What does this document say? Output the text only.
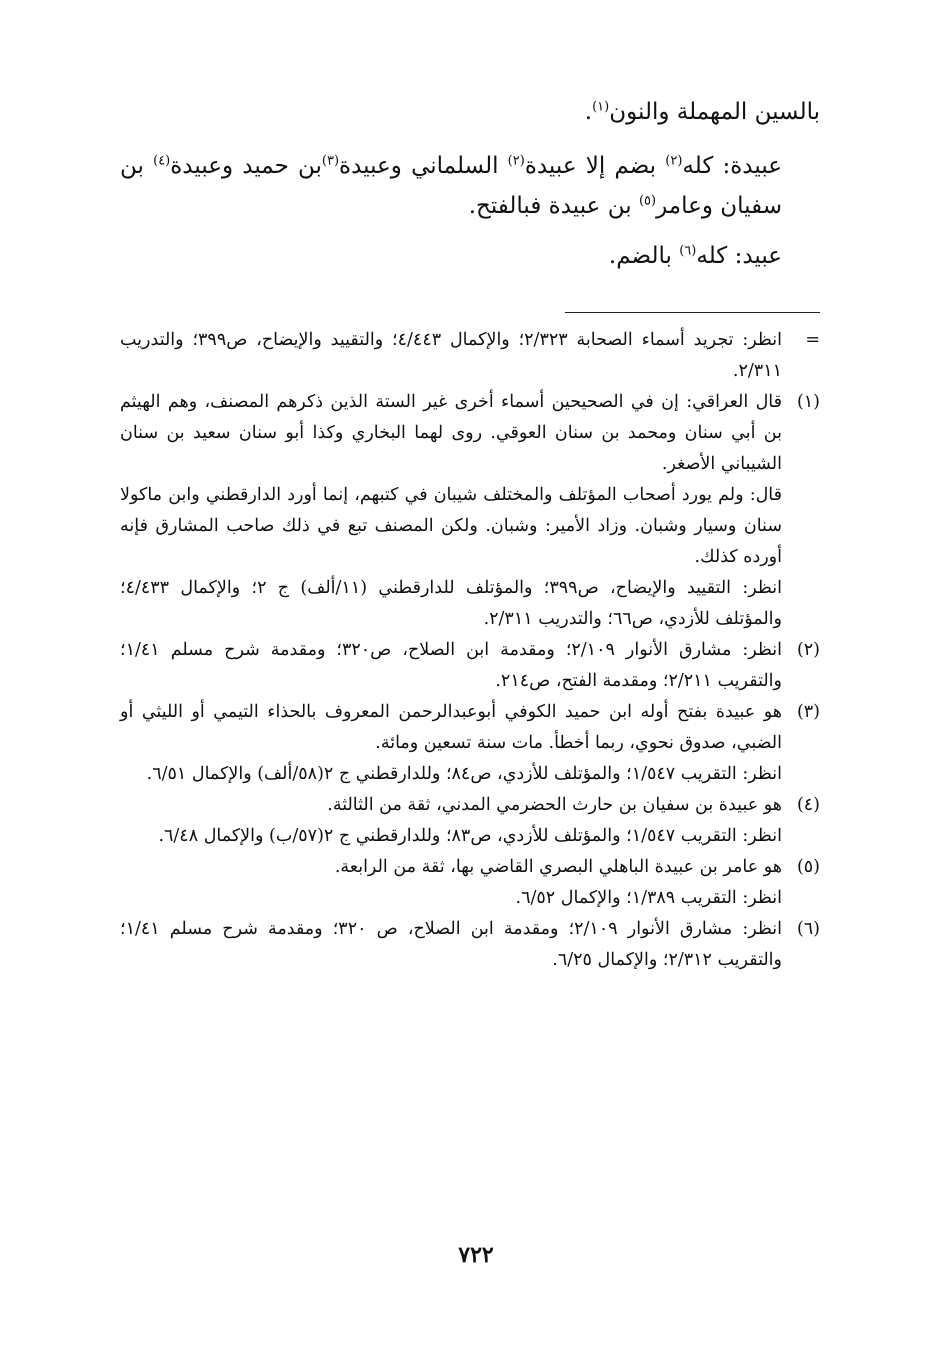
بالسين المهملة والنون$^{(١)}$.

عبيدة: كله$^{(٢)}$ بضم إلا عبيدة$^{(٢)}$ السلماني وعبيدة$^{(٣)}$بن حميد وعبيدة$^{(٤)}$ بن سفيان وعامر$^{(٥)}$ بن عبيدة فبالفتح.

عبيد: كله$^{(٦)}$ بالضم.

=

انظر: تجريد أسماء الصحابة ٢/٣٢٣؛ والإكمال ٤/٤٤٣؛ والتقييد والإيضاح، ص٣٩٩؛ والتدريب ٢/٣١١.

(١)

قال العراقي: إن في الصحيحين أسماء أخرى غير الستة الذين ذكرهم المصنف، وهم الهيثم بن أبي سنان ومحمد بن سنان العوقي. روى لهما البخاري وكذا أبو سنان سعيد بن سنان الشيباني الأصغر.

قال: ولم يورد أصحاب المؤتلف والمختلف شيبان في كتبهم، إنما أورد الدارقطني وابن ماكولا سنان وسيار وشبان. وزاد الأمير: وشبان. ولكن المصنف تبع في ذلك صاحب المشارق فإنه أورده كذلك.

انظر: التقييد والإيضاح، ص٣٩٩؛ والمؤتلف للدارقطني (١١/ألف) ج ٢؛ والإكمال ٤/٤٣٣؛ والمؤتلف للأزدي، ص٦٦؛ والتدريب ٢/٣١١.

(٢)

انظر: مشارق الأنوار ٢/١٠٩؛ ومقدمة ابن الصلاح، ص٣٢٠؛ ومقدمة شرح مسلم ١/٤١؛ والتقريب ٢/٢١١؛ ومقدمة الفتح، ص٢١٤.

(٣)

هو عبيدة بفتح أوله ابن حميد الكوفي أبوعبدالرحمن المعروف بالحذاء التيمي أو الليثي أو الضبي، صدوق نحوي، ربما أخطأ. مات سنة تسعين ومائة.

انظر: التقريب ١/٥٤٧؛ والمؤتلف للأزدي، ص٨٤؛ وللدارقطني ج ٢(٥٨/ألف) والإكمال ٦/٥١.

(٤)

هو عبيدة بن سفيان بن حارث الحضرمي المدني، ثقة من الثالثة.

انظر: التقريب ١/٥٤٧؛ والمؤتلف للأزدي، ص٨٣؛ وللدارقطني ج ٢(٥٧/ب) والإكمال ٦/٤٨.

(٥)

هو عامر بن عبيدة الباهلي البصري القاضي بها، ثقة من الرابعة.

انظر: التقريب ١/٣٨٩؛ والإكمال ٦/٥٢.

(٦)

انظر: مشارق الأنوار ٢/١٠٩؛ ومقدمة ابن الصلاح، ص ٣٢٠؛ ومقدمة شرح مسلم ١/٤١؛ والتقريب ٢/٣١٢؛ والإكمال ٦/٢٥.

٧٢٢
